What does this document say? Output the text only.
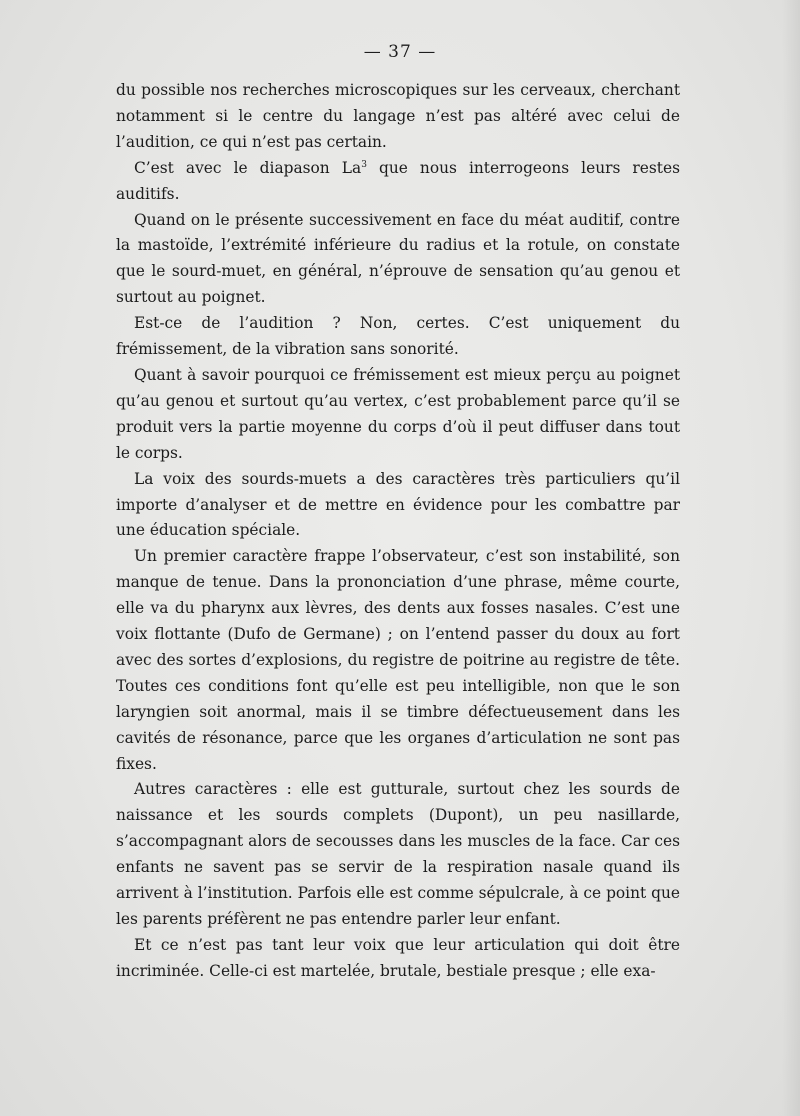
— 37 —

du possible nos recherches microscopiques sur les cerveaux, cherchant notamment si le centre du langage n’est pas altéré avec celui de l’audition, ce qui n’est pas certain.

C’est avec le diapason La$^3$ que nous interrogeons leurs restes auditifs.

Quand on le présente successivement en face du méat auditif, contre la mastoïde, l’extrémité inférieure du radius et la rotule, on constate que le sourd-muet, en général, n’éprouve de sensation qu’au genou et surtout au poignet.

Est-ce de l’audition ? Non, certes. C’est uniquement du frémissement, de la vibration sans sonorité.

Quant à savoir pourquoi ce frémissement est mieux perçu au poignet qu’au genou et surtout qu’au vertex, c’est probablement parce qu’il se produit vers la partie moyenne du corps d’où il peut diffuser dans tout le corps.

La voix des sourds-muets a des caractères très particuliers qu’il importe d’analyser et de mettre en évidence pour les combattre par une éducation spéciale.

Un premier caractère frappe l’observateur, c’est son instabilité, son manque de tenue. Dans la prononciation d’une phrase, même courte, elle va du pharynx aux lèvres, des dents aux fosses nasales. C’est une voix flottante (Dufo de Germane) ; on l’entend passer du doux au fort avec des sortes d’explosions, du registre de poitrine au registre de tête. Toutes ces conditions font qu’elle est peu intelligible, non que le son laryngien soit anormal, mais il se timbre défectueusement dans les cavités de résonance, parce que les organes d’articulation ne sont pas fixes.

Autres caractères : elle est gutturale, surtout chez les sourds de naissance et les sourds complets (Dupont), un peu nasillarde, s’accompagnant alors de secousses dans les muscles de la face. Car ces enfants ne savent pas se servir de la respiration nasale quand ils arrivent à l’institution. Parfois elle est comme sépulcrale, à ce point que les parents préfèrent ne pas entendre parler leur enfant.

Et ce n’est pas tant leur voix que leur articulation qui doit être incriminée. Celle-ci est martelée, brutale, bestiale presque ; elle exa-
